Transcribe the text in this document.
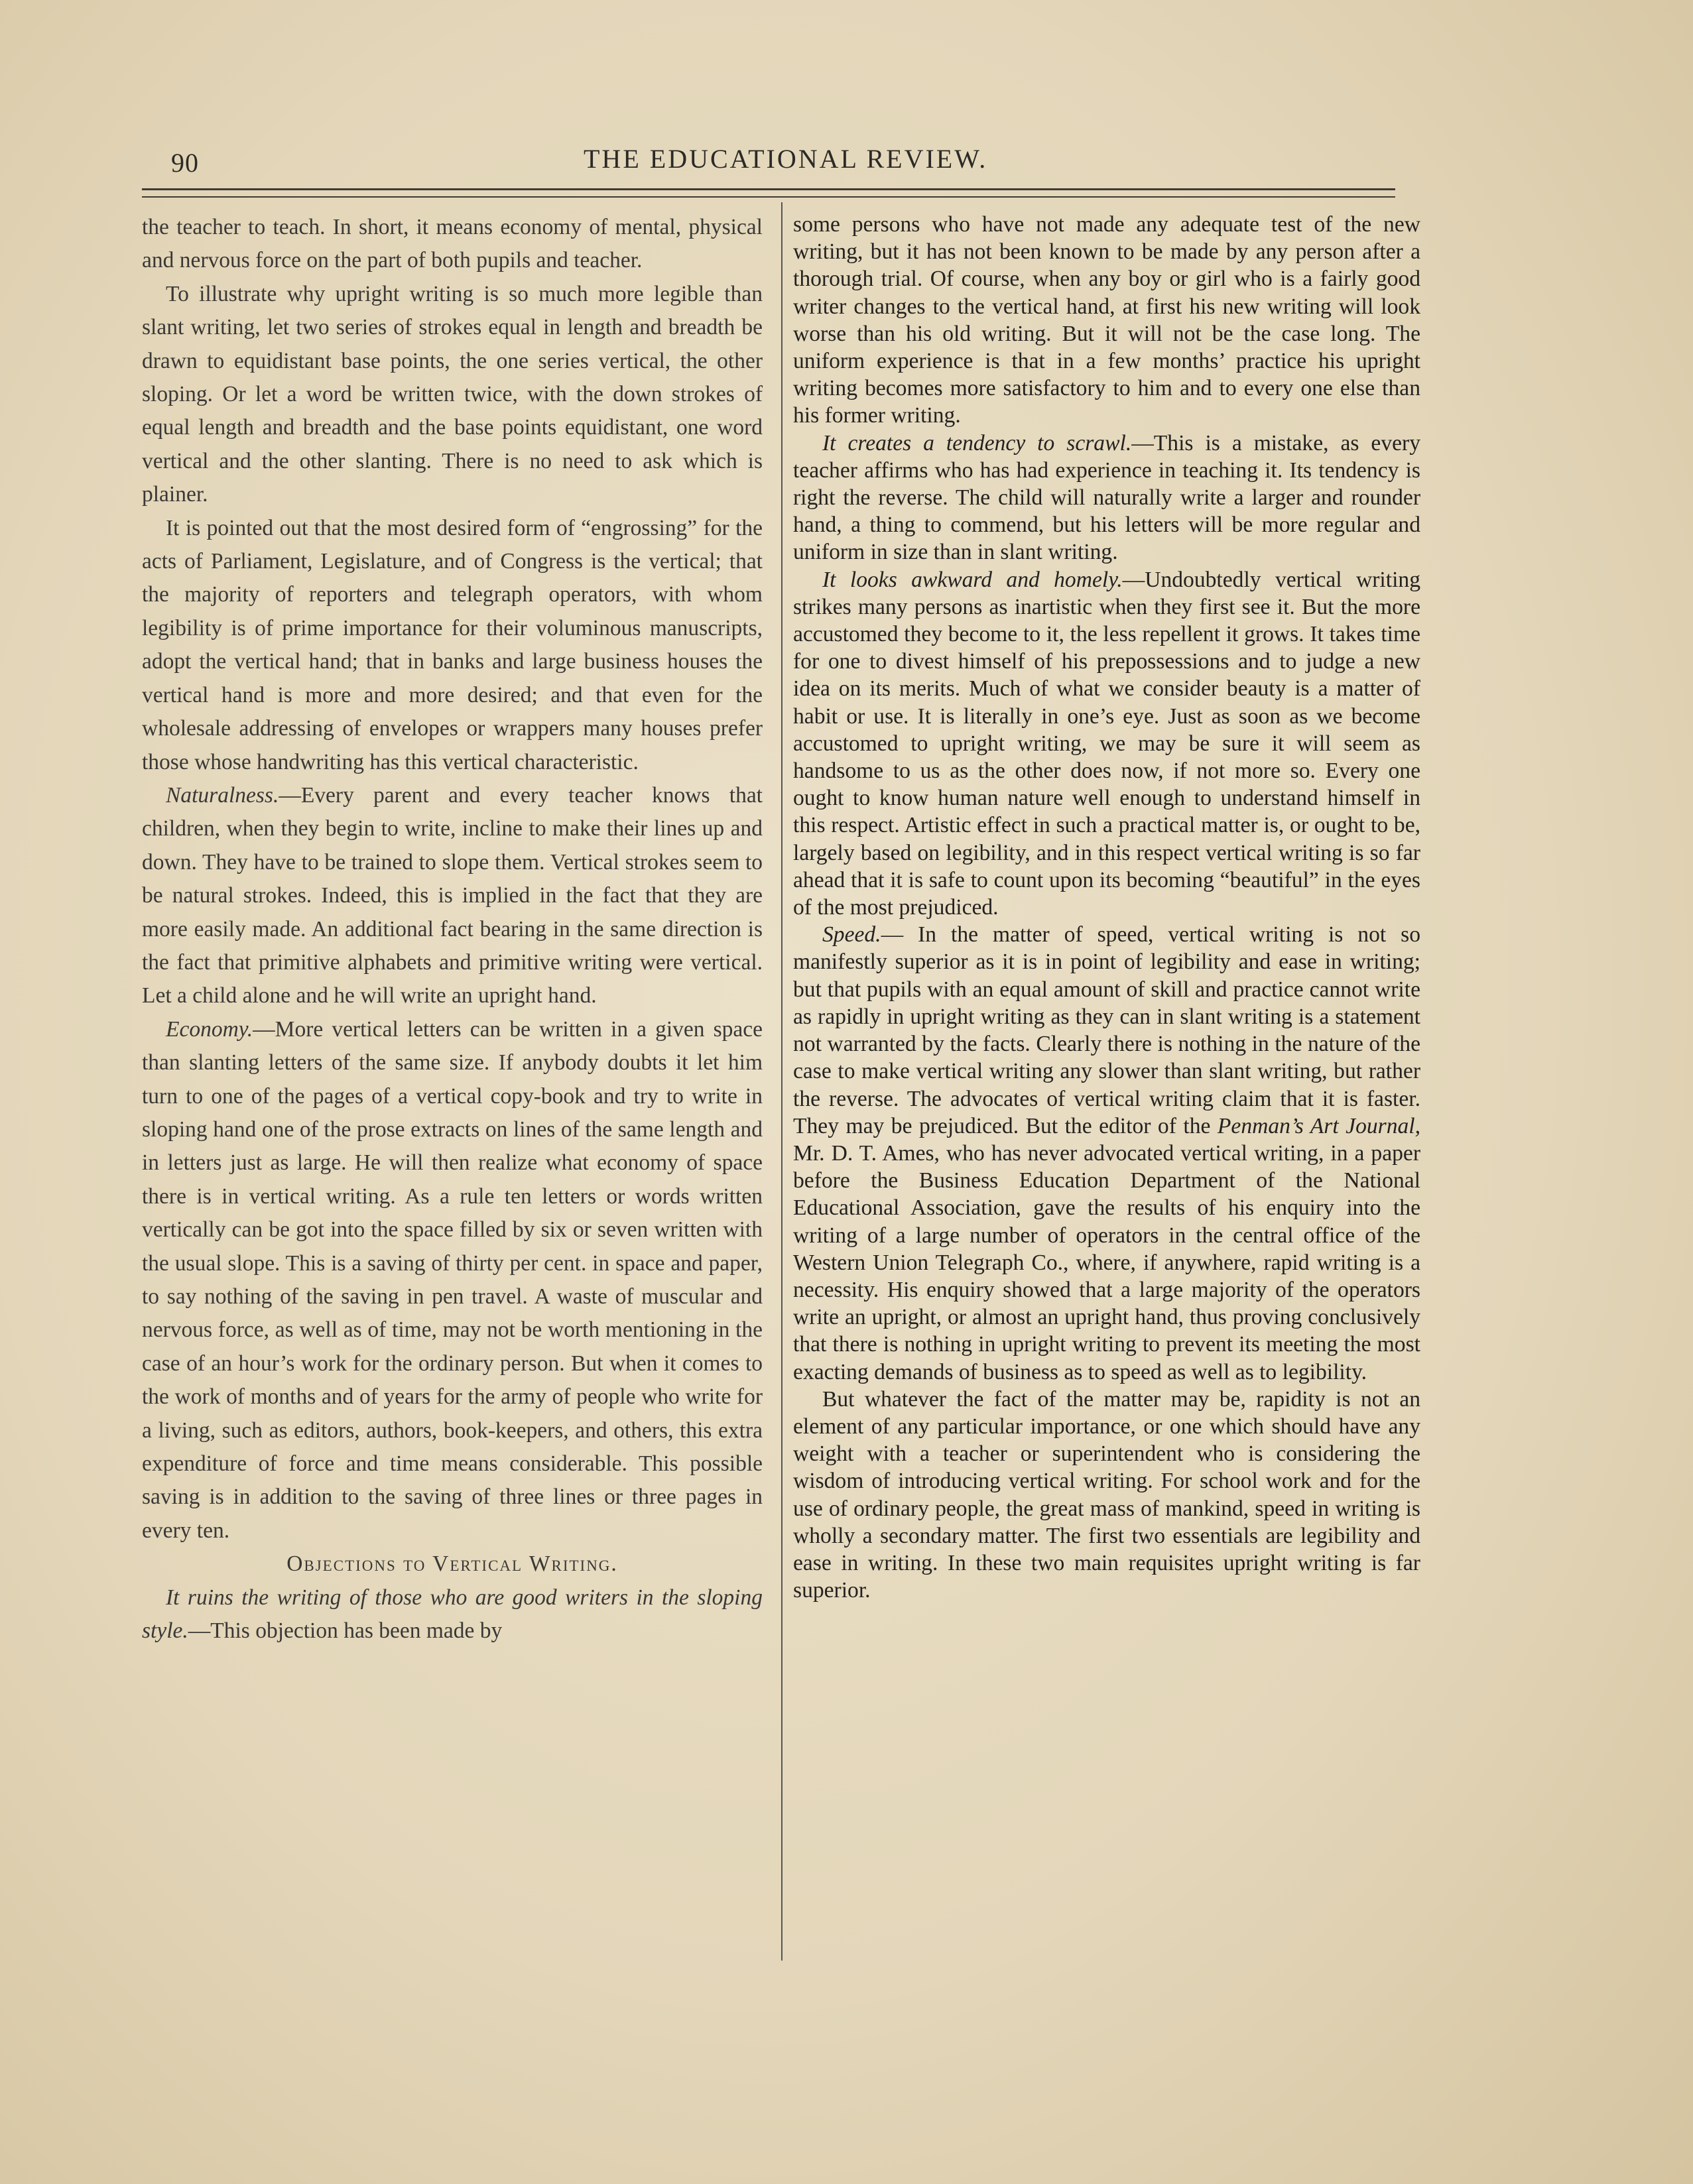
90	THE EDUCATIONAL REVIEW.

the teacher to teach. In short, it means economy of mental, physical and nervous force on the part of both pupils and teacher.

To illustrate why upright writing is so much more legible than slant writing, let two series of strokes equal in length and breadth be drawn to equidistant base points, the one series vertical, the other sloping. Or let a word be written twice, with the down strokes of equal length and breadth and the base points equidistant, one word vertical and the other slanting. There is no need to ask which is plainer.

It is pointed out that the most desired form of “engrossing” for the acts of Parliament, Legislature, and of Congress is the vertical; that the majority of reporters and telegraph operators, with whom legibility is of prime importance for their voluminous manuscripts, adopt the vertical hand; that in banks and large business houses the vertical hand is more and more desired; and that even for the wholesale addressing of envelopes or wrappers many houses prefer those whose handwriting has this vertical characteristic.

Naturalness.—Every parent and every teacher knows that children, when they begin to write, incline to make their lines up and down. They have to be trained to slope them. Vertical strokes seem to be natural strokes. Indeed, this is implied in the fact that they are more easily made. An additional fact bearing in the same direction is the fact that primitive alphabets and primitive writing were vertical. Let a child alone and he will write an upright hand.

Economy.—More vertical letters can be written in a given space than slanting letters of the same size. If anybody doubts it let him turn to one of the pages of a vertical copy-book and try to write in sloping hand one of the prose extracts on lines of the same length and in letters just as large. He will then realize what economy of space there is in vertical writing. As a rule ten letters or words written vertically can be got into the space filled by six or seven written with the usual slope. This is a saving of thirty per cent. in space and paper, to say nothing of the saving in pen travel. A waste of muscular and nervous force, as well as of time, may not be worth mentioning in the case of an hour’s work for the ordinary person. But when it comes to the work of months and of years for the army of people who write for a living, such as editors, authors, book-keepers, and others, this extra expenditure of force and time means considerable. This possible saving is in addition to the saving of three lines or three pages in every ten.

Objections to Vertical Writing.

It ruins the writing of those who are good writers in the sloping style.—This objection has been made by

some persons who have not made any adequate test of the new writing, but it has not been known to be made by any person after a thorough trial. Of course, when any boy or girl who is a fairly good writer changes to the vertical hand, at first his new writing will look worse than his old writing. But it will not be the case long. The uniform experience is that in a few months’ practice his upright writing becomes more satisfactory to him and to every one else than his former writing.

It creates a tendency to scrawl.—This is a mistake, as every teacher affirms who has had experience in teaching it. Its tendency is right the reverse. The child will naturally write a larger and rounder hand, a thing to commend, but his letters will be more regular and uniform in size than in slant writing.

It looks awkward and homely.—Undoubtedly vertical writing strikes many persons as inartistic when they first see it. But the more accustomed they become to it, the less repellent it grows. It takes time for one to divest himself of his prepossessions and to judge a new idea on its merits. Much of what we consider beauty is a matter of habit or use. It is literally in one’s eye. Just as soon as we become accustomed to upright writing, we may be sure it will seem as handsome to us as the other does now, if not more so. Every one ought to know human nature well enough to understand himself in this respect. Artistic effect in such a practical matter is, or ought to be, largely based on legibility, and in this respect vertical writing is so far ahead that it is safe to count upon its becoming “beautiful” in the eyes of the most prejudiced.

Speed.— In the matter of speed, vertical writing is not so manifestly superior as it is in point of legibility and ease in writing; but that pupils with an equal amount of skill and practice cannot write as rapidly in upright writing as they can in slant writing is a statement not warranted by the facts. Clearly there is nothing in the nature of the case to make vertical writing any slower than slant writing, but rather the reverse. The advocates of vertical writing claim that it is faster. They may be prejudiced. But the editor of the Penman’s Art Journal, Mr. D. T. Ames, who has never advocated vertical writing, in a paper before the Business Education Department of the National Educational Association, gave the results of his enquiry into the writing of a large number of operators in the central office of the Western Union Telegraph Co., where, if anywhere, rapid writing is a necessity. His enquiry showed that a large majority of the operators write an upright, or almost an upright hand, thus proving conclusively that there is nothing in upright writing to prevent its meeting the most exacting demands of business as to speed as well as to legibility.

But whatever the fact of the matter may be, rapidity is not an element of any particular importance, or one which should have any weight with a teacher or superintendent who is considering the wisdom of introducing vertical writing. For school work and for the use of ordinary people, the great mass of mankind, speed in writing is wholly a secondary matter. The first two essentials are legibility and ease in writing. In these two main requisites upright writing is far superior.
